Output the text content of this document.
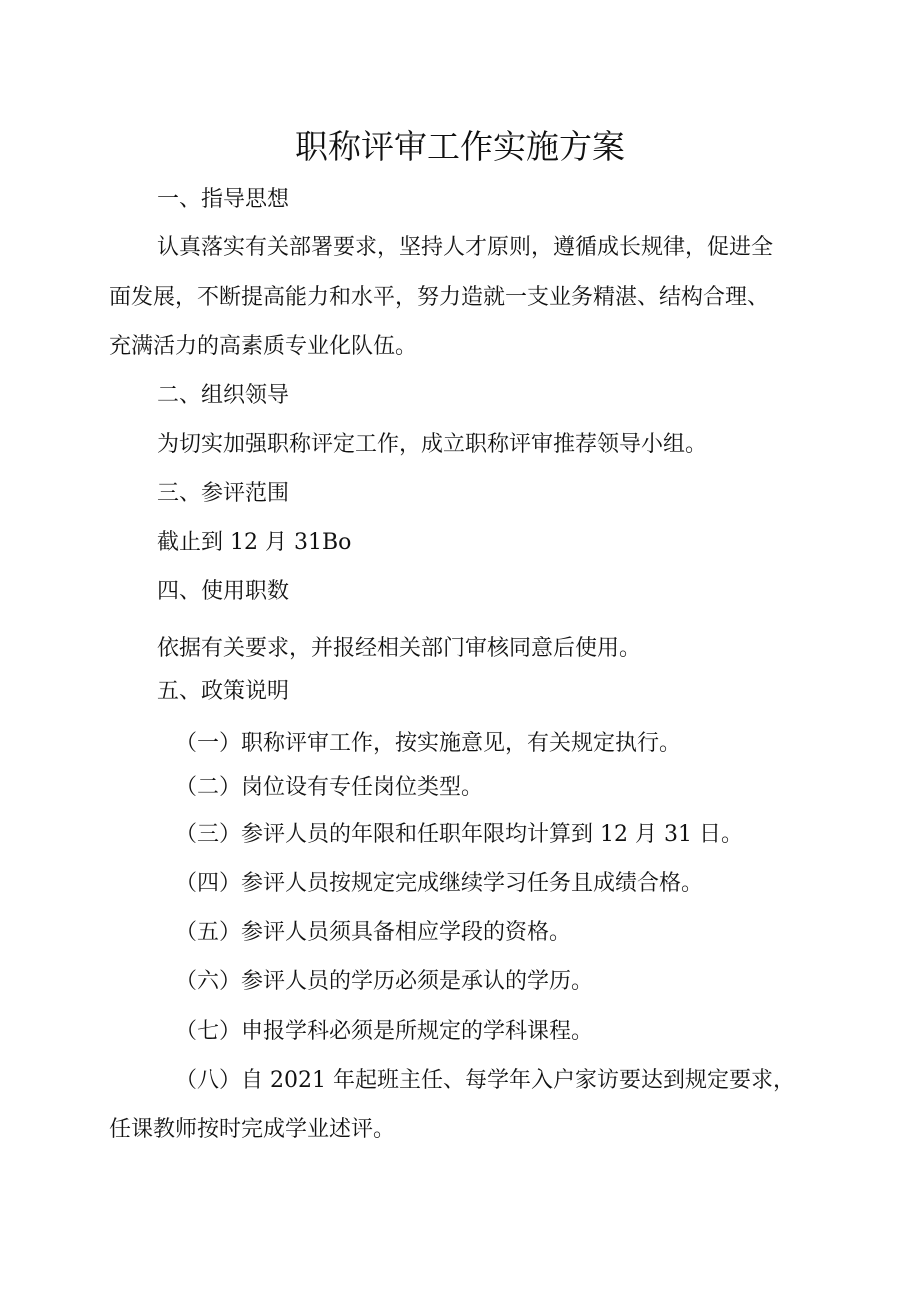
职称评审工作实施方案
一、指导思想
认真落实有关部署要求，坚持人才原则，遵循成长规律，促进全
面发展，不断提高能力和水平，努力造就一支业务精湛、结构合理、
充满活力的高素质专业化队伍。
二、组织领导
为切实加强职称评定工作，成立职称评审推荐领导小组。
三、参评范围
截止到 12 月 31Bo
四、使用职数
依据有关要求，并报经相关部门审核同意后使用。
五、政策说明
（一）职称评审工作，按实施意见，有关规定执行。
（二）岗位设有专任岗位类型。
（三）参评人员的年限和任职年限均计算到 12 月 31 日。
（四）参评人员按规定完成继续学习任务且成绩合格。
（五）参评人员须具备相应学段的资格。
（六）参评人员的学历必须是承认的学历。
（七）申报学科必须是所规定的学科课程。
（八）自 2021 年起班主任、每学年入户家访要达到规定要求，
任课教师按时完成学业述评。
